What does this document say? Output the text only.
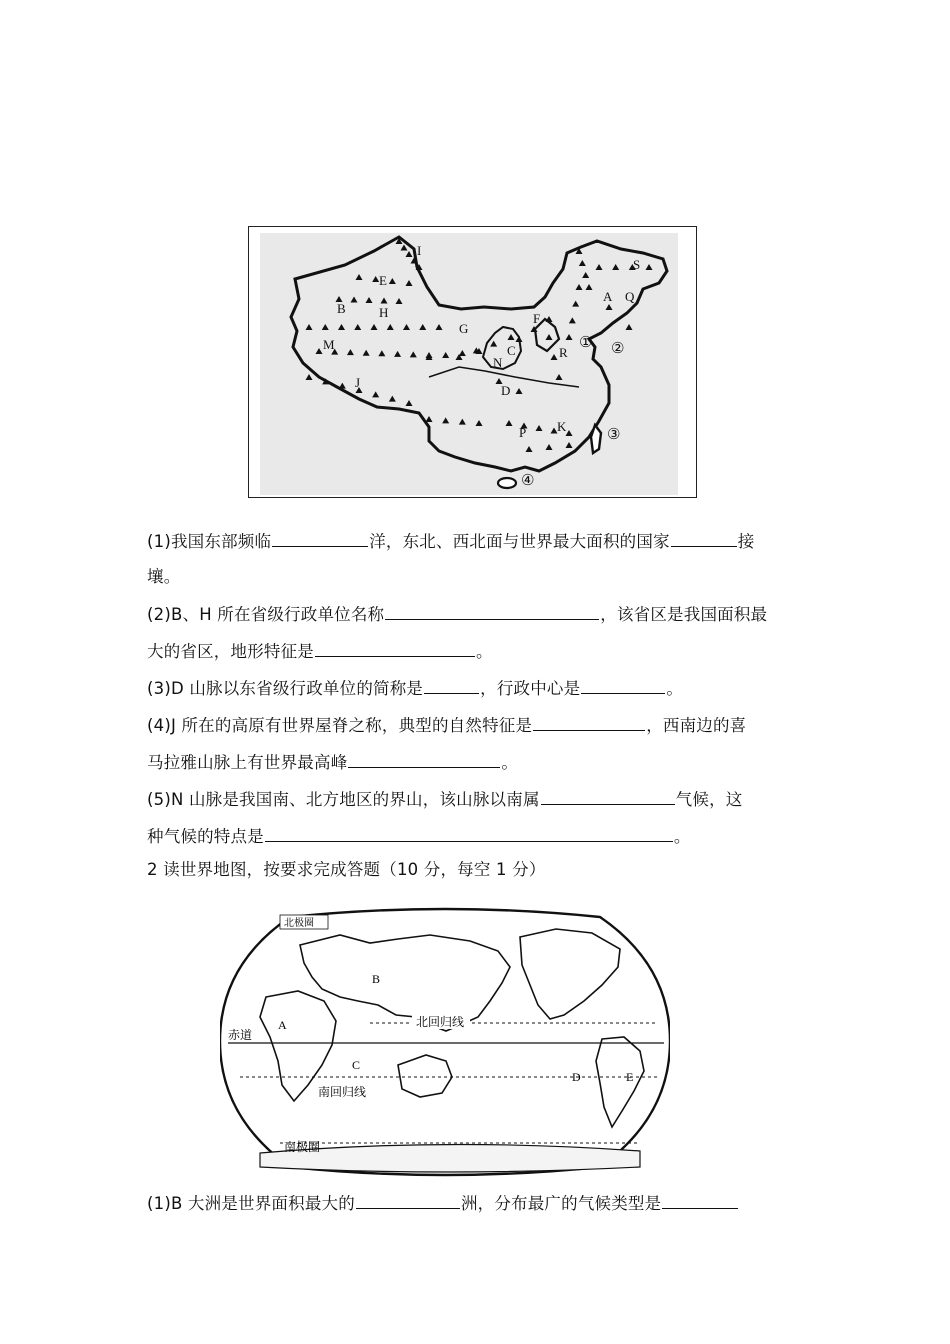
I
E
B	H
M
J
G
F
C
N
D
P K
R
A Q
S
① ②
③
④
(1)我国东部频临	洋，东北、西北面与世界最大面积的国家	接
壤。
(2)B、H 所在省级行政单位名称	，该省区是我国面积最
大的省区，地形特征是	。
(3)D 山脉以东省级行政单位的简称是	，行政中心是	。
(4)J 所在的高原有世界屋脊之称，典型的自然特征是	，西南边的喜
马拉雅山脉上有世界最高峰	。
(5)N 山脉是我国南、北方地区的界山，该山脉以南属	气候，这
种气候的特点是	。
2 读世界地图，按要求完成答题（10 分，每空 1 分）
北极圈
北回归线
赤道
南回归线
南极圈
A
B
C
D	E
(1)B 大洲是世界面积最大的	洲，分布最广的气候类型是
